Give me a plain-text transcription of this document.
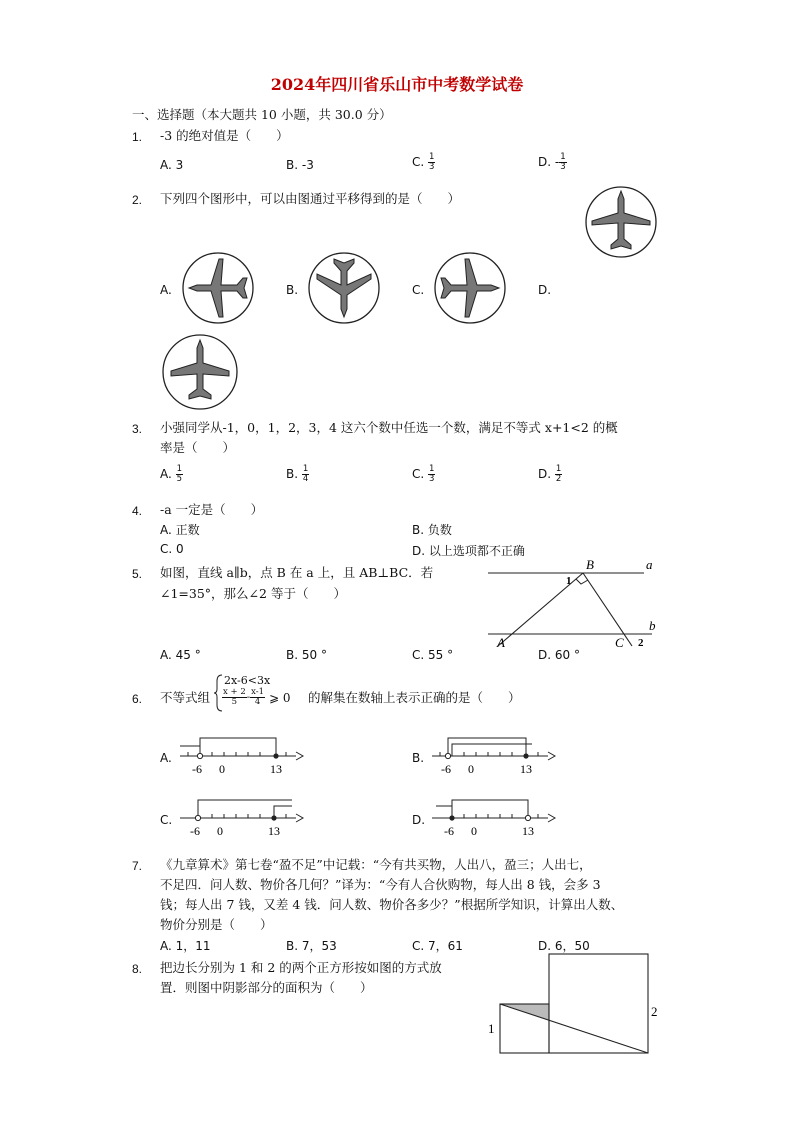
2024年四川省乐山市中考数学试卷
一、选择题（本大题共 10 小题，共 30.0 分）
1. -3 的绝对值是（　　）
A. 3	B. -3	C. $\frac{1}{3}$	D. - $\frac{1}{3}$
2. 下列四个图形中，可以由图通过平移得到的是（　　）
A.	B.	C.	D.
3. 小强同学从-1，0，1，2，3，4 这六个数中任选一个数，满足不等式 x+1<2 的概
率是（　　）
A. $\frac{1}{5}$	B. $\frac{1}{4}$	C. $\frac{1}{3}$	D. $\frac{1}{2}$
4. -a 一定是（　　）
A. 正数	B. 负数
C. 0	D. 以上选项都不正确
5. 如图，直线 a∥b，点 B 在 a 上，且 AB⊥BC．若
∠1=35°，那么∠2 等于（　　）
B	a
b
A	C
1
2
A. 45 °	B. 50 °	C. 55 °	D. 60 °
6. 不等式组
2x-6<3x
$\frac{x + 2}{5} - \frac{x-1}{4}$ ⩾ 0 的解集在数轴上表示正确的是（　　）
A.
-6 0	13
B.
-6 0	13
C.
-6 0	13
D.
-6 0	13
7. 《九章算术》第七卷“盈不足”中记载：“今有共买物，人出八，盈三；人出七，
不足四．问人数、物价各几何？”译为：“今有人合伙购物，每人出 8 钱，会多 3
钱；每人出 7 钱，又差 4 钱．问人数、物价各多少？”根据所学知识，计算出人数、
物价分别是（　　）
A. 1，11	B. 7，53	C. 7，61	D. 6，50
8. 把边长分别为 1 和 2 的两个正方形按如图的方式放
置．则图中阴影部分的面积为（　　）
1
2
